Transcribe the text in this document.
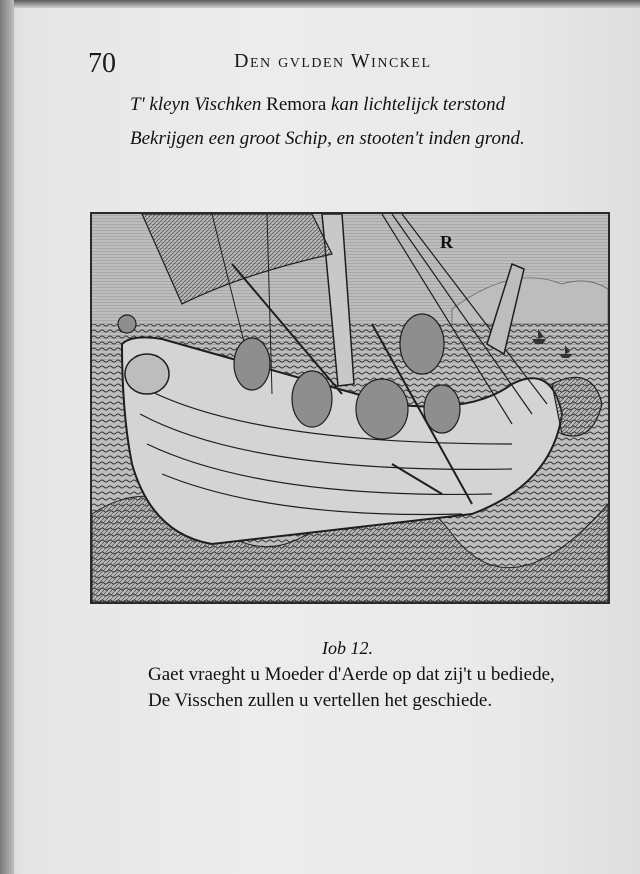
70	Den gvlden Winckel
T' kleyn Vischken Remora kan lichtelijck terstond
Bekrijgen een groot Schip, en stooten't inden grond.
R
Iob 12.
Gaet vraeght u Moeder d'Aerde op dat zij't u bediede,
De Visschen zullen u vertellen het geschiede.
